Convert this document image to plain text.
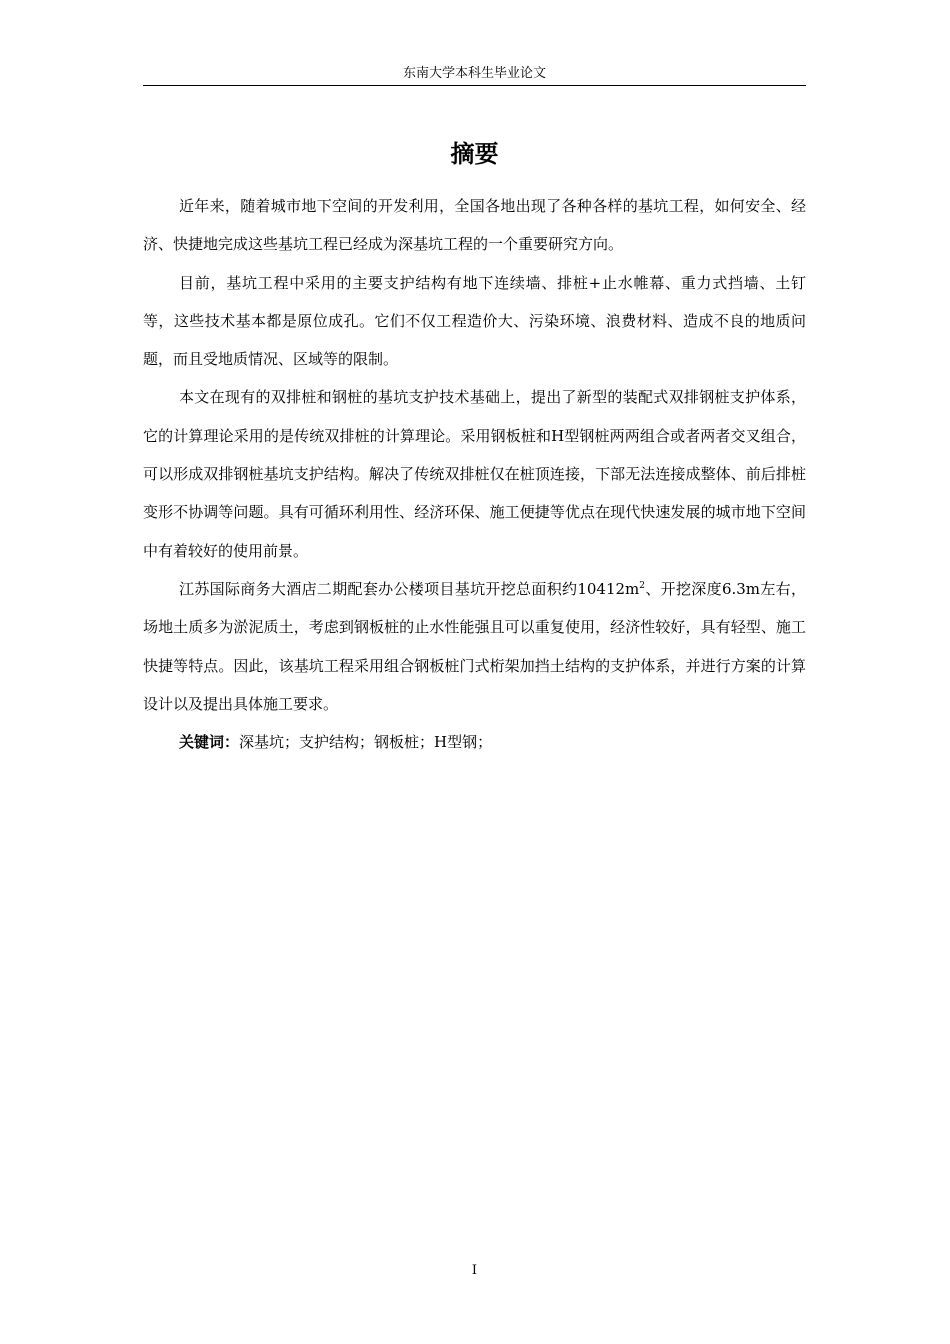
东南大学本科生毕业论文
摘要

近年来，随着城市地下空间的开发利用，全国各地出现了各种各样的基坑工程，如何安全、经济、快捷地完成这些基坑工程已经成为深基坑工程的一个重要研究方向。

目前，基坑工程中采用的主要支护结构有地下连续墙、排桩+止水帷幕、重力式挡墙、土钉等，这些技术基本都是原位成孔。它们不仅工程造价大、污染环境、浪费材料、造成不良的地质问题，而且受地质情况、区域等的限制。

本文在现有的双排桩和钢桩的基坑支护技术基础上，提出了新型的装配式双排钢桩支护体系，它的计算理论采用的是传统双排桩的计算理论。采用钢板桩和H型钢桩两两组合或者两者交叉组合，可以形成双排钢桩基坑支护结构。解决了传统双排桩仅在桩顶连接，下部无法连接成整体、前后排桩变形不协调等问题。具有可循环利用性、经济环保、施工便捷等优点在现代快速发展的城市地下空间中有着较好的使用前景。

江苏国际商务大酒店二期配套办公楼项目基坑开挖总面积约$10412m^2$、开挖深度6.3m左右，场地土质多为淤泥质土，考虑到钢板桩的止水性能强且可以重复使用，经济性较好，具有轻型、施工快捷等特点。因此，该基坑工程采用组合钢板桩门式桁架加挡土结构的支护体系，并进行方案的计算设计以及提出具体施工要求。

关键词：深基坑；支护结构；钢板桩；H型钢；

I
